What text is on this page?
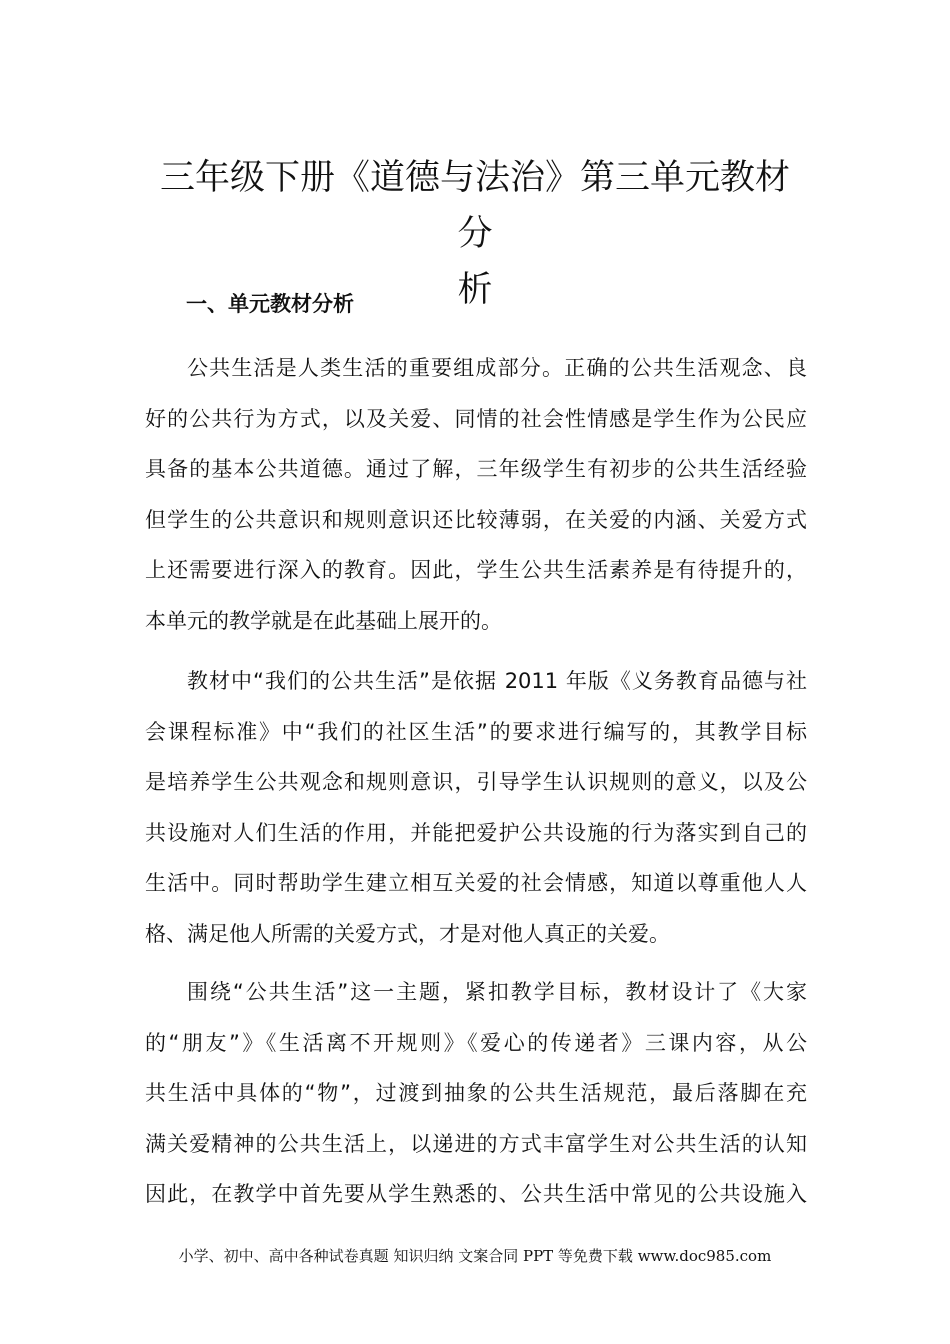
三年级下册《道德与法治》第三单元教材分
析
一、单元教材分析
公共生活是人类生活的重要组成部分。正确的公共生活观念、良
好的公共行为方式，以及关爱、同情的社会性情感是学生作为公民应
具备的基本公共道德。通过了解，三年级学生有初步的公共生活经验
但学生的公共意识和规则意识还比较薄弱，在关爱的内涵、关爱方式
上还需要进行深入的教育。因此，学生公共生活素养是有待提升的，
本单元的教学就是在此基础上展开的。
教材中“我们的公共生活”是依据 2011 年版《义务教育品德与社
会课程标准》中“我们的社区生活”的要求进行编写的，其教学目标
是培养学生公共观念和规则意识，引导学生认识规则的意义，以及公
共设施对人们生活的作用，并能把爱护公共设施的行为落实到自己的
生活中。同时帮助学生建立相互关爱的社会情感，知道以尊重他人人
格、满足他人所需的关爱方式，才是对他人真正的关爱。
围绕“公共生活”这一主题，紧扣教学目标，教材设计了《大家
的“朋友”》《生活离不开规则》《爱心的传递者》三课内容，从公
共生活中具体的“物”，过渡到抽象的公共生活规范，最后落脚在充
满关爱精神的公共生活上，以递进的方式丰富学生对公共生活的认知
因此，在教学中首先要从学生熟悉的、公共生活中常见的公共设施入
小学、初中、高中各种试卷真题 知识归纳 文案合同 PPT 等免费下载 www.doc985.com
